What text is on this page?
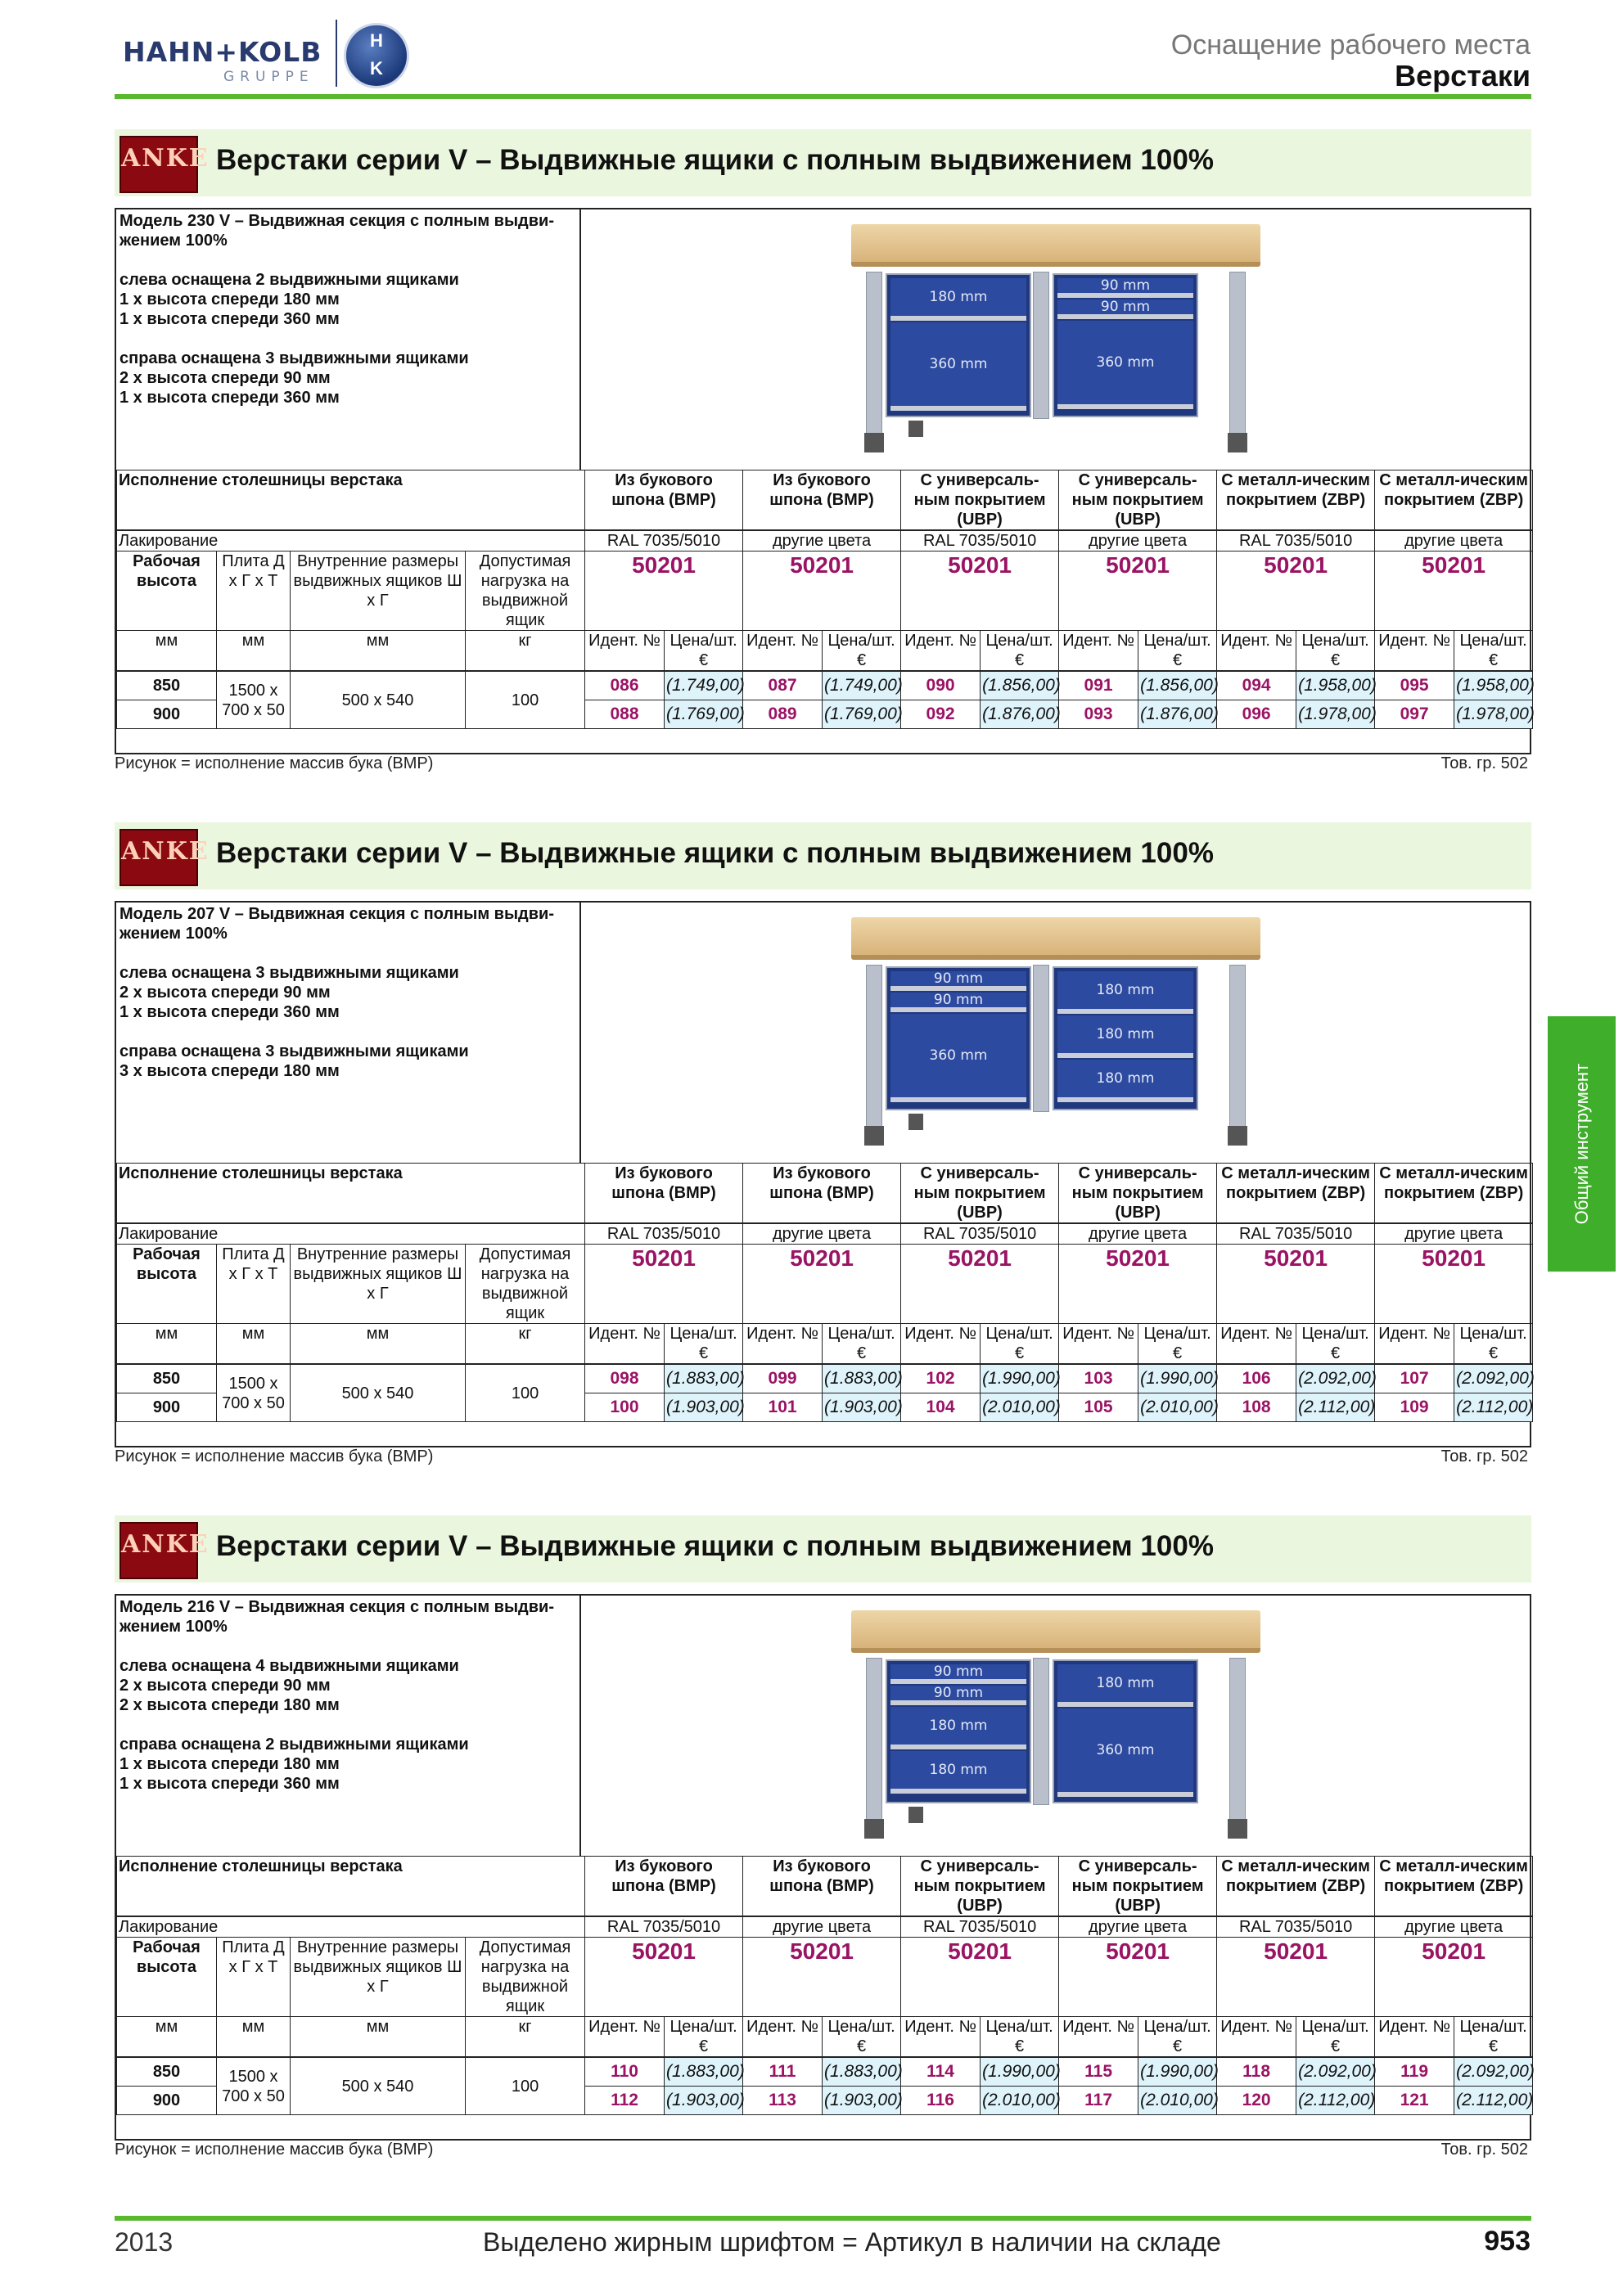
HAHN+KOLB
GRUPPE
H
K
Оснащение рабочего места
Верстаки
ANKE Верстаки серии V – Выдвижные ящики с полным выдвижением 100%

Модель 230 V – Выдвижная секция с полным выдви-жением 100%

слева оснащена 2 выдвижными ящиками
1 х высота спереди 180 мм

1 х высота спереди 360 мм

справа оснащена 3 выдвижными ящиками
2 х высота спереди 90 мм
1 х высота спереди 360 мм
180 mm
360 mm
90 mm
90 mm
360 mm
Исполнение столешницы верстака				Из букового шпона (BMP)		Из букового шпона (BMP)		С универсаль-ным покрытием (UBP)		С универсаль-ным покрытием (UBP)		С металл-ическим покрытием (ZBP)		С металл-ическим покрытием (ZBP)	
Лакирование				RAL 7035/5010		другие цвета		RAL 7035/5010		другие цвета		RAL 7035/5010		другие цвета	
Рабочая высота	Плита Д х Г х Т	Внутренние размеры выдвижных ящиков Ш х Г	Допустимая нагрузка на выдвижной ящик	50201		50201		50201		50201		50201		50201	
мм	мм	мм	кг	Идент. №	Цена/шт. €	Идент. №	Цена/шт. €	Идент. №	Цена/шт. €	Идент. №	Цена/шт. €	Идент. №	Цена/шт. €	Идент. №	Цена/шт. €
850	1500 x 700 x 50	500 x 540	100	086	(1.749,00)	087	(1.749,00)	090	(1.856,00)	091	(1.856,00)	094	(1.958,00)	095	(1.958,00)
900				088	(1.769,00)	089	(1.769,00)	092	(1.876,00)	093	(1.876,00)	096	(1.978,00)	097	(1.978,00)
Рисунок = исполнение массив бука (BMP)	Тов. гр. 502
ANKE Верстаки серии V – Выдвижные ящики с полным выдвижением 100%

Модель 207 V – Выдвижная секция с полным выдви-жением 100%

слева оснащена 3 выдвижными ящиками
2 х высота спереди 90 мм

1 х высота спереди 360 мм

справа оснащена 3 выдвижными ящиками
3 х высота спереди 180 мм
90 mm
90 mm
360 mm
180 mm
180 mm
180 mm
Исполнение столешницы верстака				Из букового шпона (BMP)		Из букового шпона (BMP)		С универсаль-ным покрытием (UBP)		С универсаль-ным покрытием (UBP)		С металл-ическим покрытием (ZBP)		С металл-ическим покрытием (ZBP)	
Лакирование				RAL 7035/5010		другие цвета		RAL 7035/5010		другие цвета		RAL 7035/5010		другие цвета	
Рабочая высота	Плита Д х Г х Т	Внутренние размеры выдвижных ящиков Ш х Г	Допустимая нагрузка на выдвижной ящик	50201		50201		50201		50201		50201		50201	
мм	мм	мм	кг	Идент. №	Цена/шт. €	Идент. №	Цена/шт. €	Идент. №	Цена/шт. €	Идент. №	Цена/шт. €	Идент. №	Цена/шт. €	Идент. №	Цена/шт. €
850	1500 x 700 x 50	500 x 540	100	098	(1.883,00)	099	(1.883,00)	102	(1.990,00)	103	(1.990,00)	106	(2.092,00)	107	(2.092,00)
900				100	(1.903,00)	101	(1.903,00)	104	(2.010,00)	105	(2.010,00)	108	(2.112,00)	109	(2.112,00)
Рисунок = исполнение массив бука (BMP)	Тов. гр. 502
ANKE Верстаки серии V – Выдвижные ящики с полным выдвижением 100%

Модель 216 V – Выдвижная секция с полным выдви-жением 100%

слева оснащена 4 выдвижными ящиками
2 х высота спереди 90 мм

2 х высота спереди 180 мм

справа оснащена 2 выдвижными ящиками
1 х высота спереди 180 мм
1 х высота спереди 360 мм
90 mm
90 mm
180 mm
180 mm
180 mm
360 mm
Исполнение столешницы верстака				Из букового шпона (BMP)		Из букового шпона (BMP)		С универсаль-ным покрытием (UBP)		С универсаль-ным покрытием (UBP)		С металл-ическим покрытием (ZBP)		С металл-ическим покрытием (ZBP)	
Лакирование				RAL 7035/5010		другие цвета		RAL 7035/5010		другие цвета		RAL 7035/5010		другие цвета	
Рабочая высота	Плита Д х Г х Т	Внутренние размеры выдвижных ящиков Ш х Г	Допустимая нагрузка на выдвижной ящик	50201		50201		50201		50201		50201		50201	
мм	мм	мм	кг	Идент. №	Цена/шт. €	Идент. №	Цена/шт. €	Идент. №	Цена/шт. €	Идент. №	Цена/шт. €	Идент. №	Цена/шт. €	Идент. №	Цена/шт. €
850	1500 x 700 x 50	500 x 540	100	110	(1.883,00)	111	(1.883,00)	114	(1.990,00)	115	(1.990,00)	118	(2.092,00)	119	(2.092,00)
900				112	(1.903,00)	113	(1.903,00)	116	(2.010,00)	117	(2.010,00)	120	(2.112,00)	121	(2.112,00)
Рисунок = исполнение массив бука (BMP)	Тов. гр. 502
Общий инструмент
2013	Выделено жирным шрифтом = Артикул в наличии на складе	953
